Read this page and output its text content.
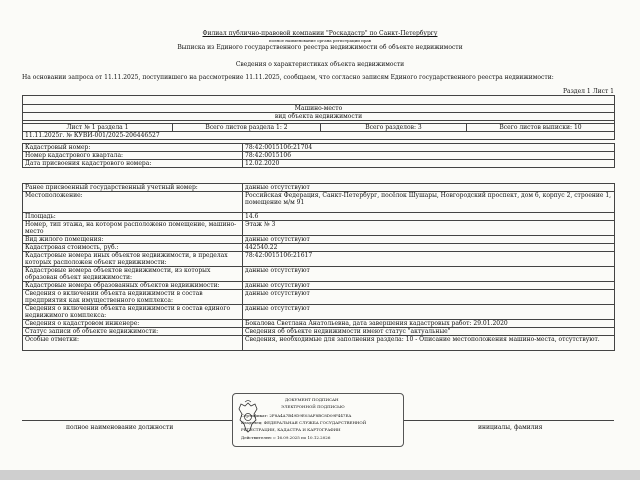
Филиал публично-правовой компании "Роскадастр" по Санкт-Петербургу
полное наименование органа регистрации прав
Выписка из Единого государственного реестра недвижимости об объекте недвижимости
Сведения о характеристиках объекта недвижимости
На основании запроса от 11.11.2025, поступившего на рассмотрение 11.11.2025, сообщаем, что согласно записям Единого государственного реестра недвижимости:
Раздел 1 Лист 1

Машино-место
вид объекта недвижимости

Лист № 1 раздела 1	Всего листов раздела 1: 2	Всего разделов: 3	Всего листов выписки: 10
11.11.2025г. № КУВИ-001/2025-206446527
Кадастровый номер:	78:42:0015106:21704
Номер кадастрового квартала:	78:42:0015106
Дата присвоения кадастрового номера:	12.02.2020
Ранее присвоенный государственный учетный номер:	данные отсутствуют
Местоположение:	Российская Федерация, Санкт-Петербург, посёлок Шушары, Новгородский проспект, дом 6, корпус 2, строение 1, помещение м/м 91
Площадь:	14.6
Номер, тип этажа, на котором расположено помещение, машино-место	Этаж № 3
Вид жилого помещения:	данные отсутствуют
Кадастровая стоимость, руб.:	442540.22
Кадастровые номера иных объектов недвижимости, в пределах которых расположен объект недвижимости:	78:42:0015106:21617
Кадастровые номера объектов недвижимости, из которых образован объект недвижимости:	данные отсутствуют
Кадастровые номера образованных объектов недвижимости:	данные отсутствуют
Сведения о включении объекта недвижимости в состав предприятия как имущественного комплекса:	данные отсутствуют
Сведения о включении объекта недвижимости в состав единого недвижимого комплекса:	данные отсутствуют
Сведения о кадастровом инженере:	Бокалова Светлана Анатольевна, дата завершения кадастровых работ: 29.01.2020
Статус записи об объекте недвижимости:	Сведения об объекте недвижимости имеют статус "актуальные"
Особые отметки:	Сведения, необходимые для заполнения раздела: 10 - Описание местоположения машино-места, отсутствуют.
полное наименование должности	инициалы, фамилия
ДОКУМЕНТ ПОДПИСАН
ЭЛЕКТРОННОЙ ПОДПИСЬЮ
Сертификат: 2F8A4A7B49D9E03AF8BC8D09F447EA
Владелец: ФЕДЕРАЛЬНАЯ СЛУЖБА ГОСУДАРСТВЕННОЙ
РЕГИСТРАЦИИ, КАДАСТРА И КАРТОГРАФИИ
Действителен: с 16.09.2025 по 10.12.2026
